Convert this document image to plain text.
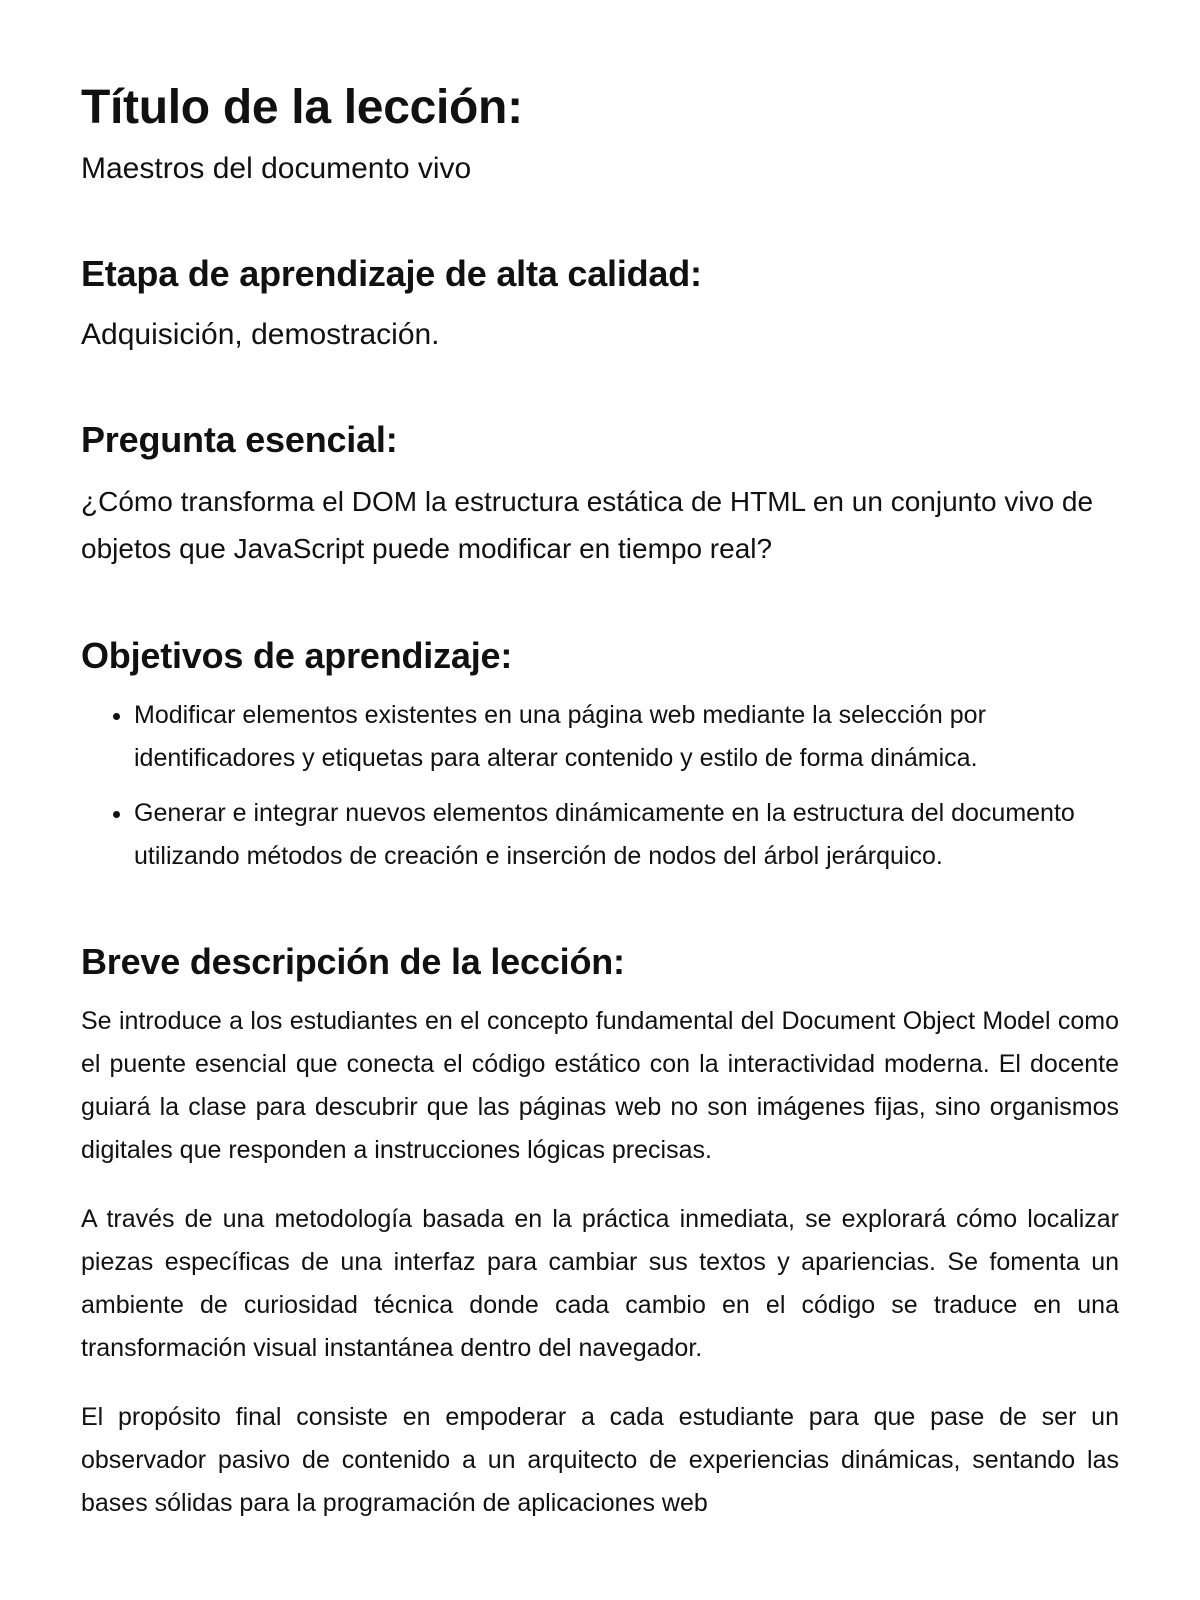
Título de la lección:

Maestros del documento vivo

Etapa de aprendizaje de alta calidad:

Adquisición, demostración.

Pregunta esencial:

¿Cómo transforma el DOM la estructura estática de HTML en un conjunto vivo de objetos que JavaScript puede modificar en tiempo real?

Objetivos de aprendizaje:
• Modificar elementos existentes en una página web mediante la selección por identificadores y etiquetas para alterar contenido y estilo de forma dinámica.
• Generar e integrar nuevos elementos dinámicamente en la estructura del documento utilizando métodos de creación e inserción de nodos del árbol jerárquico.
Breve descripción de la lección:

Se introduce a los estudiantes en el concepto fundamental del Document Object Model como el puente esencial que conecta el código estático con la interactividad moderna. El docente guiará la clase para descubrir que las páginas web no son imágenes fijas, sino organismos digitales que responden a instrucciones lógicas precisas.

A través de una metodología basada en la práctica inmediata, se explorará cómo localizar piezas específicas de una interfaz para cambiar sus textos y apariencias. Se fomenta un ambiente de curiosidad técnica donde cada cambio en el código se traduce en una transformación visual instantánea dentro del navegador.

El propósito final consiste en empoderar a cada estudiante para que pase de ser un observador pasivo de contenido a un arquitecto de experiencias dinámicas, sentando las bases sólidas para la programación de aplicaciones web
